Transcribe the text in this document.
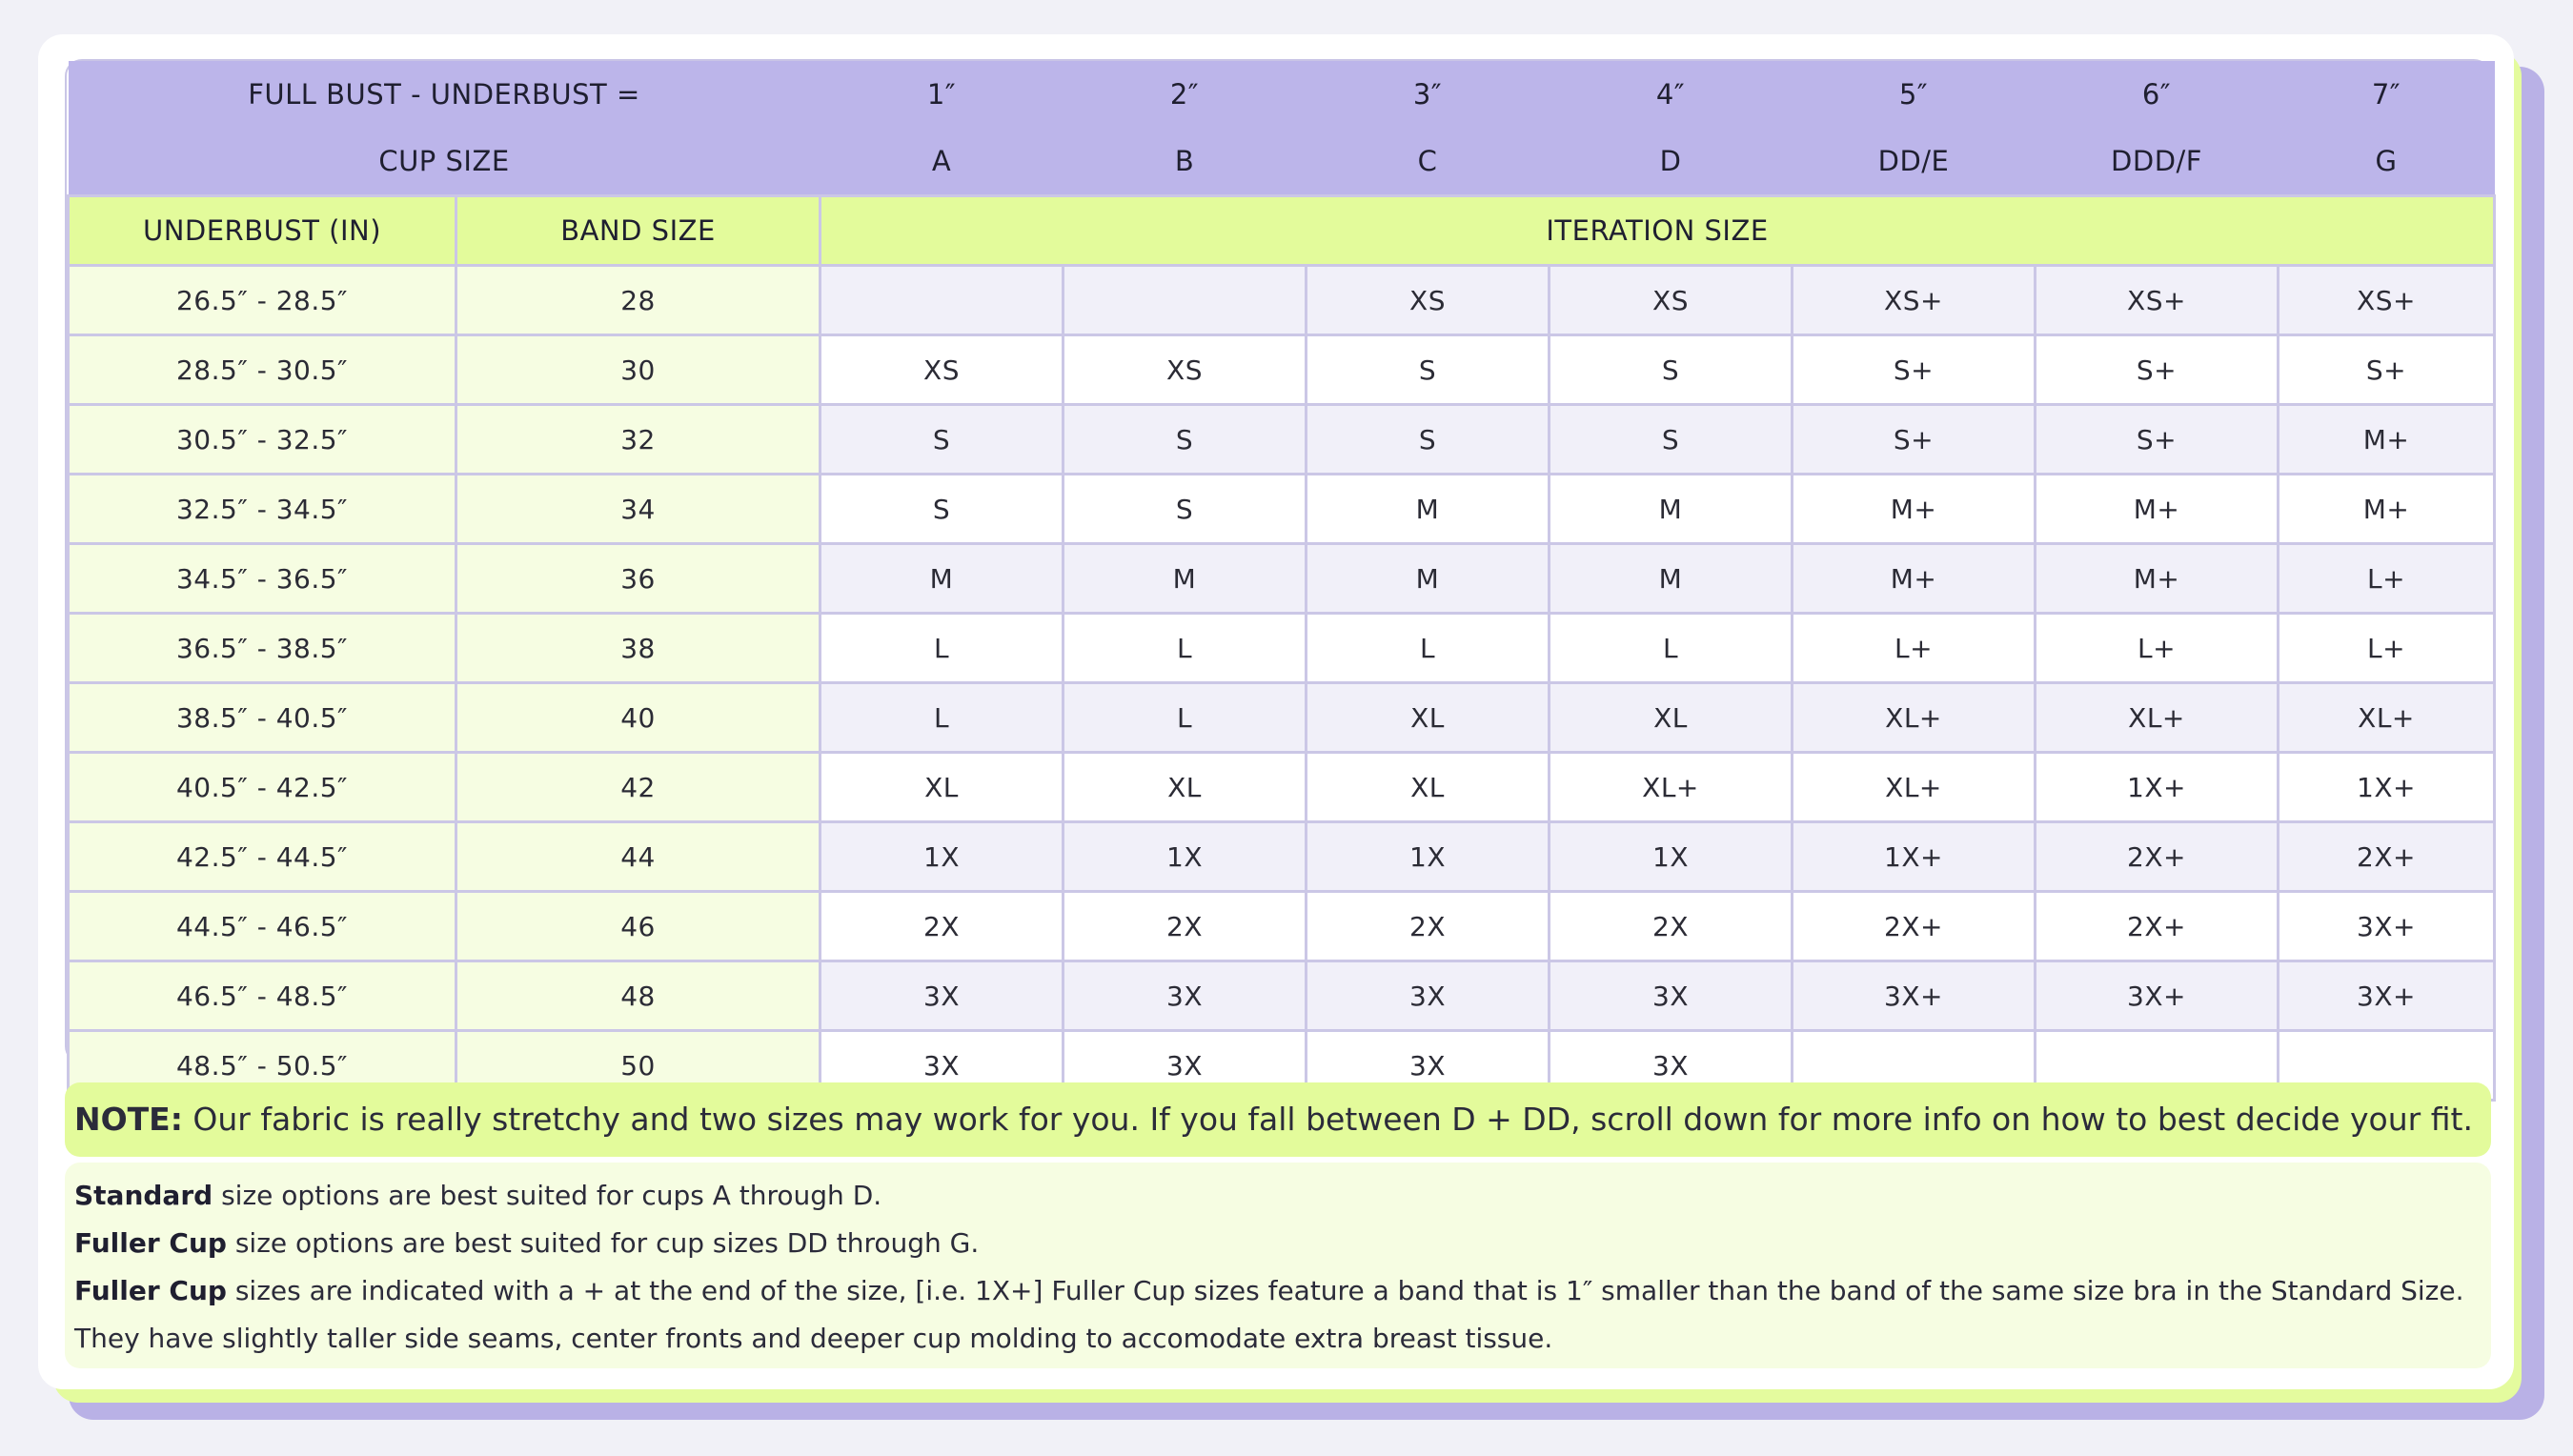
FULL BUST - UNDERBUST =		1″	2″	3″	4″	5″	6″	7″
CUP SIZE		A	B	C	D	DD/E	DDD/F	G
UNDERBUST (IN)	BAND SIZE	ITERATION SIZE						
26.5″ - 28.5″	28			XS	XS	XS+	XS+	XS+
28.5″ - 30.5″	30	XS	XS	S	S	S+	S+	S+
30.5″ - 32.5″	32	S	S	S	S	S+	S+	M+
32.5″ - 34.5″	34	S	S	M	M	M+	M+	M+
34.5″ - 36.5″	36	M	M	M	M	M+	M+	L+
36.5″ - 38.5″	38	L	L	L	L	L+	L+	L+
38.5″ - 40.5″	40	L	L	XL	XL	XL+	XL+	XL+
40.5″ - 42.5″	42	XL	XL	XL	XL+	XL+	1X+	1X+
42.5″ - 44.5″	44	1X	1X	1X	1X	1X+	2X+	2X+
44.5″ - 46.5″	46	2X	2X	2X	2X	2X+	2X+	3X+
46.5″ - 48.5″	48	3X	3X	3X	3X	3X+	3X+	3X+
48.5″ - 50.5″	50	3X	3X	3X	3X			
NOTE: Our fabric is really stretchy and two sizes may work for you. If you fall between D + DD, scroll down for more info on how to best decide your fit.

Standard size options are best suited for cups A through D.

Fuller Cup size options are best suited for cup sizes DD through G.

Fuller Cup sizes are indicated with a + at the end of the size, [i.e. 1X+] Fuller Cup sizes feature a band that is 1″ smaller than the band of the same size bra in the Standard Size. They have slightly taller side seams, center fronts and deeper cup molding to accomodate extra breast tissue.
